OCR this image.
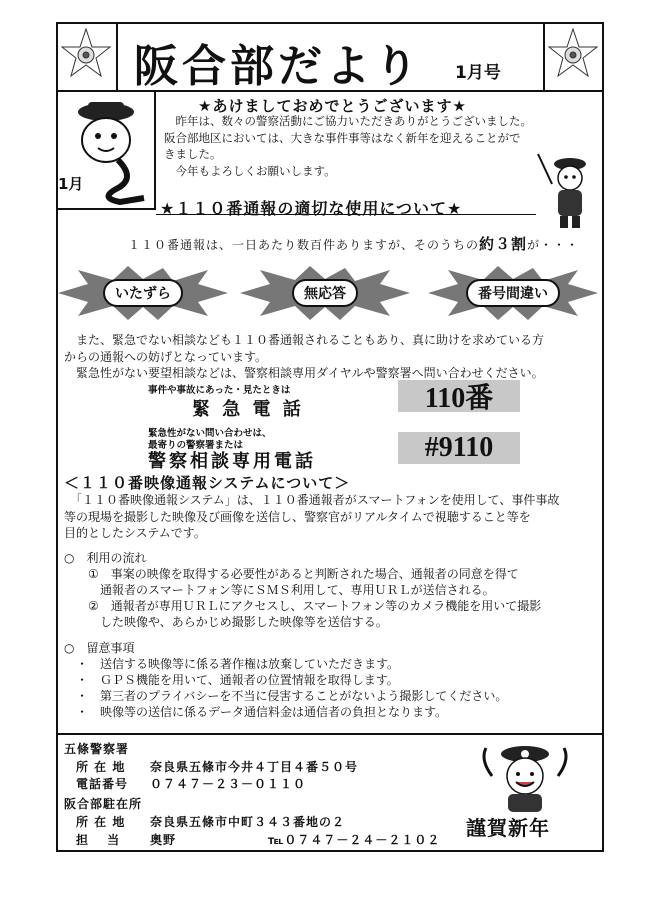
阪合部だより 1月号
1月
★あけましておめでとうございます★
　昨年は、数々の警察活動にご協力いただきありがとうございました。
阪合部地区においては、大きな事件事等はなく新年を迎えることがで
きました。
　今年もよろしくお願いします。
★１１０番通報の適切な使用について★
１１０番通報は、一日あたり数百件ありますが、そのうちの約３割が・・・
いたずら	無応答	番号間違い
　また、緊急でない相談なども１１０番通報されることもあり、真に助けを求めている方
からの通報への妨げとなっています。
　緊急性がない要望相談などは、警察相談専用ダイヤルや警察署へ問い合わせください。
事件や事故にあった・見たときは
緊 急 電 話	110番
緊急性がない問い合わせは、
最寄りの警察署または
警察相談専用電話	#9110
＜１１０番映像通報システムについて＞
　「１１０番映像通報システム」は、１１０番通報者がスマートフォンを使用して、事件事故
等の現場を撮影した映像及び画像を送信し、警察官がリアルタイムで視聴すること等を
目的としたシステムです。
○　利用の流れ
　　①　事案の映像を取得する必要性があると判断された場合、通報者の同意を得て
　　　通報者のスマートフォン等にＳＭＳ利用して、専用ＵＲＬが送信される。
　　②　通報者が専用ＵＲＬにアクセスし、スマートフォン等のカメラ機能を用いて撮影
　　　した映像や、あらかじめ撮影した映像等を送信する。
○　留意事項
　・　送信する映像等に係る著作権は放棄していただきます。
　・　ＧＰＳ機能を用いて、通報者の位置情報を取得します。
　・　第三者のプライバシーを不当に侵害することがないよう撮影してください。
　・　映像等の送信に係るデータ通信料金は通信者の負担となります。
五條警察署
所 在 地 奈良県五條市今井４丁目４番５０号
電話番号 ０７４７－２３－０１１０
阪合部駐在所
所 在 地 奈良県五條市中町３４３番地の２
担　 当 奥野	℡０７４７－２４－２１０２ 謹賀新年
